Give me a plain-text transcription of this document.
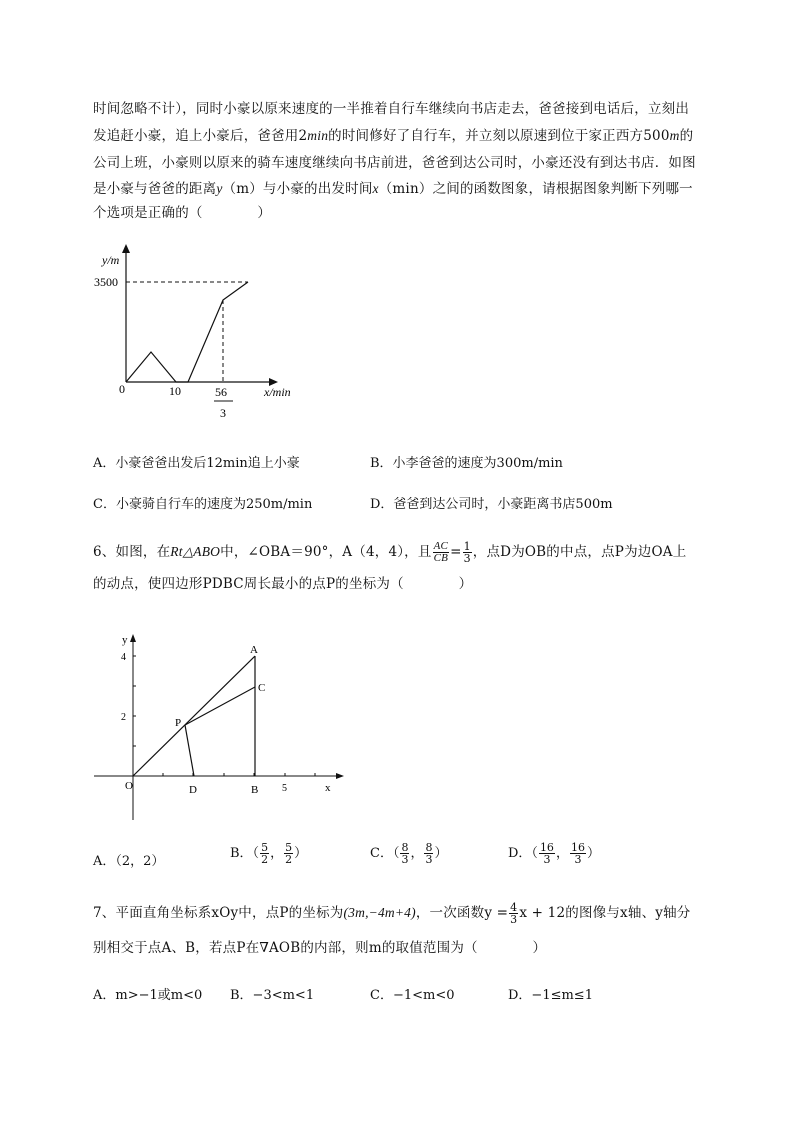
时间忽略不计），同时小豪以原来速度的一半推着自行车继续向书店走去，爸爸接到电话后，立刻出
发追赶小豪，追上小豪后，爸爸用2min的时间修好了自行车，并立刻以原速到位于家正西方500m的
公司上班，小豪则以原来的骑车速度继续向书店前进，爸爸到达公司时，小豪还没有到达书店．如图
是小豪与爸爸的距离y（m）与小豪的出发时间x（min）之间的函数图象，请根据图象判断下列哪一
个选项是正确的（　　　　）
y/m
3500
0	10	56
3
x/min
A．小豪爸爸出发后12min追上小豪	B．小李爸爸的速度为300m/min
C．小豪骑自行车的速度为250m/min	D．爸爸到达公司时，小豪距离书店500m
6、如图，在Rt△ABO中，∠OBA＝90°，A（4，4），且 $\frac{AC}{CB} = \frac{1}{3}$ ，点D为OB的中点，点P为边OA上
的动点，使四边形PDBC周长最小的点P的坐标为（　　　　）
y
4
2
O	5	x
A
C
P
D	B
A．（2，2）
B．（ $\frac{5}{2}$ ， $\frac{5}{2}$ ）	C．（ $\frac{8}{3}$ ， $\frac{8}{3}$ ）	D．（ $\frac{16}{3}$ ， $\frac{16}{3}$ ）
7、平面直角坐标系xOy中，点P的坐标为(3m,−4m+4)，一次函数$y = \frac{4}{3}$ x + 12的图像与x轴、y轴分
别相交于点A、B，若点P在∇AOB的内部，则m的取值范围为（　　　　）
A．m>−1或m<0 B．−3<m<1	C．−1<m<0	D．−1≤m≤1
